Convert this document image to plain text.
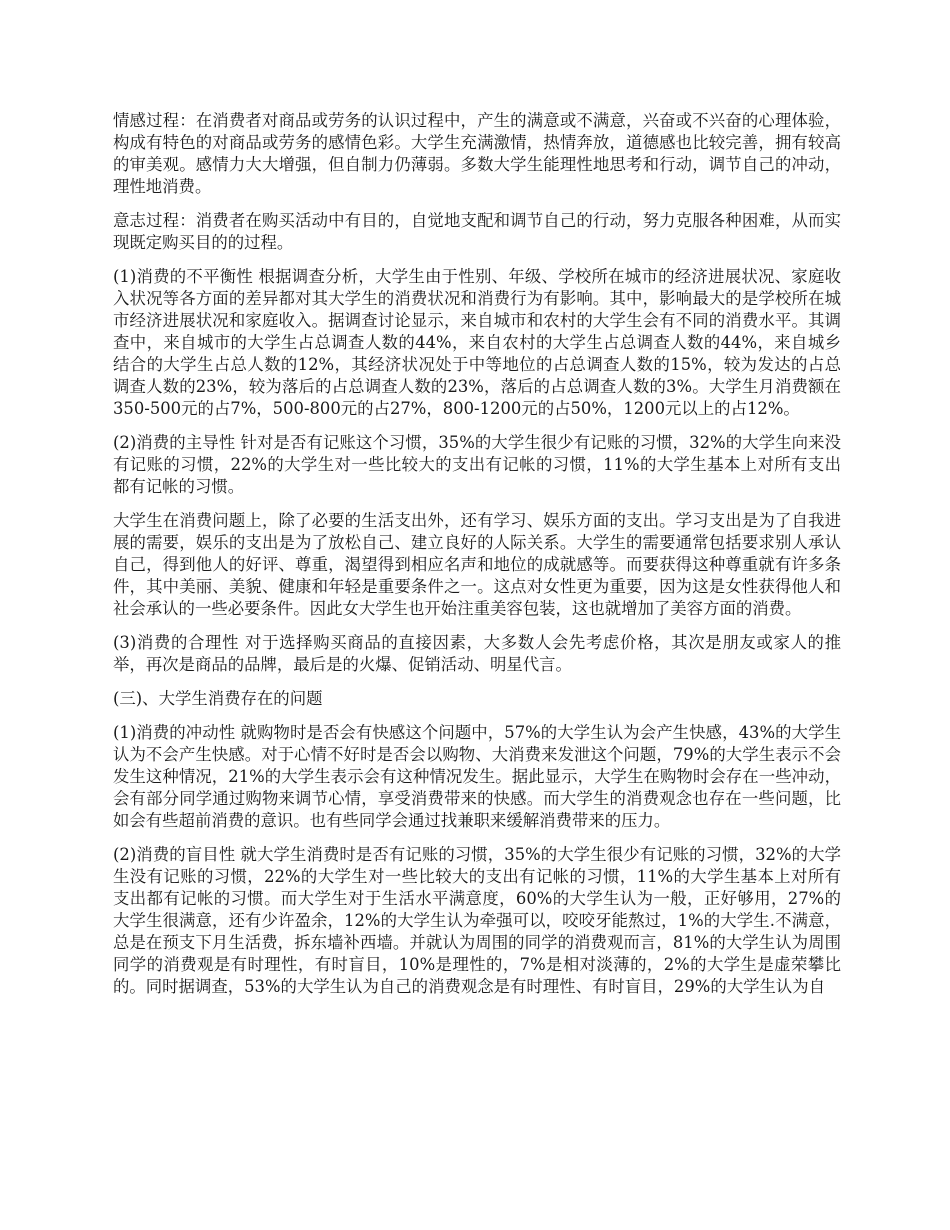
情感过程：在消费者对商品或劳务的认识过程中，产生的满意或不满意，兴奋或不兴奋的心理体验，构成有特色的对商品或劳务的感情色彩。大学生充满激情，热情奔放，道德感也比较完善，拥有较高的审美观。感情力大大增强，但自制力仍薄弱。多数大学生能理性地思考和行动，调节自己的冲动，理性地消费。

意志过程：消费者在购买活动中有目的，自觉地支配和调节自己的行动，努力克服各种困难，从而实现既定购买目的的过程。

(1)消费的不平衡性 根据调查分析，大学生由于性别、年级、学校所在城市的经济进展状况、家庭收入状况等各方面的差异都对其大学生的消费状况和消费行为有影响。其中，影响最大的是学校所在城市经济进展状况和家庭收入。据调查讨论显示，来自城市和农村的大学生会有不同的消费水平。其调查中，来自城市的大学生占总调查人数的44%，来自农村的大学生占总调查人数的44%，来自城乡结合的大学生占总人数的12%，其经济状况处于中等地位的占总调查人数的15%，较为发达的占总调查人数的23%，较为落后的占总调查人数的23%，落后的占总调查人数的3%。大学生月消费额在350-500元的占7%，500-800元的占27%，800-1200元的占50%，1200元以上的占12%。

(2)消费的主导性 针对是否有记账这个习惯，35%的大学生很少有记账的习惯，32%的大学生向来没有记账的习惯，22%的大学生对一些比较大的支出有记帐的习惯，11%的大学生基本上对所有支出都有记帐的习惯。

大学生在消费问题上，除了必要的生活支出外，还有学习、娱乐方面的支出。学习支出是为了自我进展的需要，娱乐的支出是为了放松自己、建立良好的人际关系。大学生的需要通常包括要求别人承认自己，得到他人的好评、尊重，渴望得到相应名声和地位的成就感等。而要获得这种尊重就有许多条件，其中美丽、美貌、健康和年轻是重要条件之一。这点对女性更为重要，因为这是女性获得他人和社会承认的一些必要条件。因此女大学生也开始注重美容包装，这也就增加了美容方面的消费。

(3)消费的合理性 对于选择购买商品的直接因素，大多数人会先考虑价格，其次是朋友或家人的推举，再次是商品的品牌，最后是的火爆、促销活动、明星代言。

(三)、大学生消费存在的问题

(1)消费的冲动性 就购物时是否会有快感这个问题中，57%的大学生认为会产生快感，43%的大学生认为不会产生快感。对于心情不好时是否会以购物、大消费来发泄这个问题，79%的大学生表示不会发生这种情况，21%的大学生表示会有这种情况发生。据此显示，大学生在购物时会存在一些冲动，会有部分同学通过购物来调节心情，享受消费带来的快感。而大学生的消费观念也存在一些问题，比如会有些超前消费的意识。也有些同学会通过找兼职来缓解消费带来的压力。

(2)消费的盲目性 就大学生消费时是否有记账的习惯，35%的大学生很少有记账的习惯，32%的大学生没有记账的习惯，22%的大学生对一些比较大的支出有记帐的习惯，11%的大学生基本上对所有支出都有记帐的习惯。而大学生对于生活水平满意度，60%的大学生认为一般，正好够用，27%的大学生很满意，还有少许盈余，12%的大学生认为牵强可以，咬咬牙能熬过，1%的大学生.不满意，总是在预支下月生活费，拆东墙补西墙。并就认为周围的同学的消费观而言，81%的大学生认为周围同学的消费观是有时理性，有时盲目，10%是理性的，7%是相对淡薄的，2%的大学生是虚荣攀比的。同时据调查，53%的大学生认为自己的消费观念是有时理性、有时盲目，29%的大学生认为自
